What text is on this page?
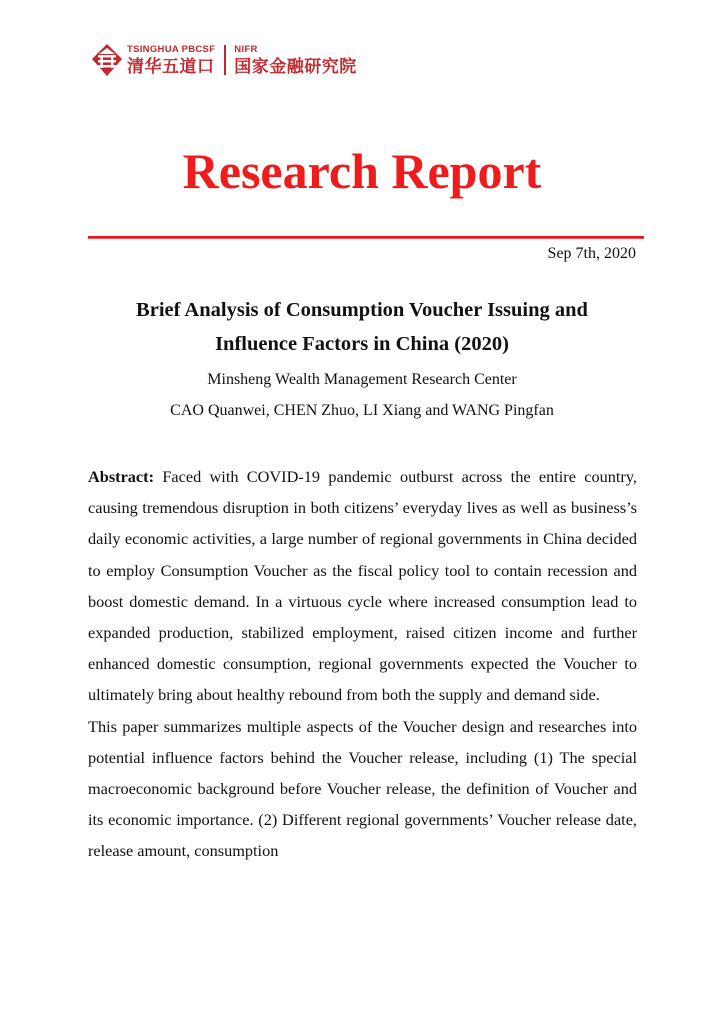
TSINGHUA PBCSF
清华五道口
NIFR
国家金融研究院
Research Report
Sep 7th, 2020
Brief Analysis of Consumption Voucher Issuing and
Influence Factors in China (2020)
Minsheng Wealth Management Research Center
CAO Quanwei, CHEN Zhuo, LI Xiang and WANG Pingfan

Abstract: Faced with COVID-19 pandemic outburst across the entire country, causing tremendous disruption in both citizens’ everyday lives as well as business’s daily economic activities, a large number of regional governments in China decided to employ Consumption Voucher as the fiscal policy tool to contain recession and boost domestic demand. In a virtuous cycle where increased consumption lead to expanded production, stabilized employment, raised citizen income and further enhanced domestic consumption, regional governments expected the Voucher to ultimately bring about healthy rebound from both the supply and demand side.

This paper summarizes multiple aspects of the Voucher design and researches into potential influence factors behind the Voucher release, including (1) The special macroeconomic background before Voucher release, the definition of Voucher and its economic importance. (2) Different regional governments’ Voucher release date, release amount, consumption
